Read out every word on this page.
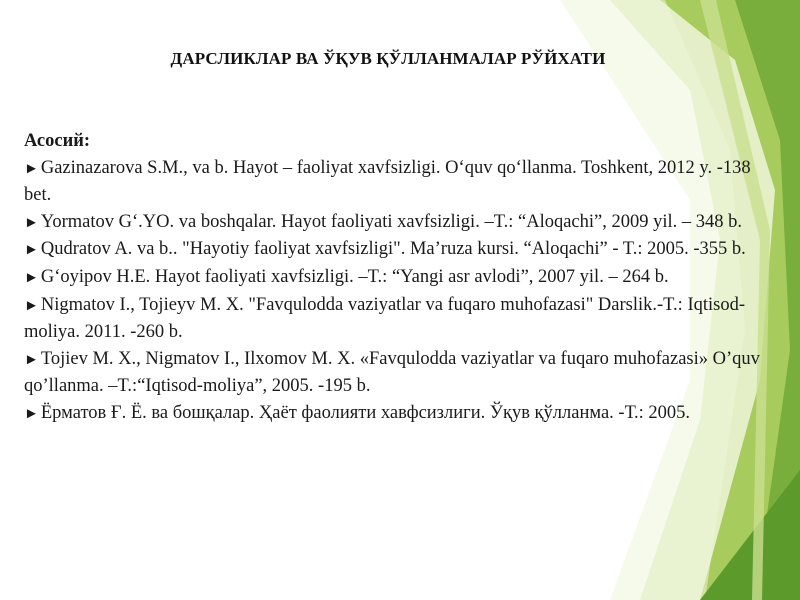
ДАРСЛИКЛАР ВА ЎҚУВ ҚЎЛЛАНМАЛАР РЎЙХАТИ
Асосий:
► Gazinazarova S.M., va b. Hayot – faoliyat xavfsizligi. O‘quv qo‘llanma. Toshkent, 2012 y. -138 bet.
► Yormatov G‘.YO. va boshqalar. Hayot faoliyati xavfsizligi. –T.: “Aloqachi”, 2009 yil. – 348 b.
► Qudratov A. va b.. "Hayotiy faoliyat xavfsizligi". Ma’ruza kursi. “Aloqachi” - T.: 2005. -355 b.
► G‘oyipov H.E. Hayot faoliyati xavfsizligi. –T.: “Yangi asr avlodi”, 2007 yil. – 264 b.
► Nigmatov I., Tojieyv M. X. "Favqulodda vaziyatlar va fuqaro muhofazasi" Darslik.-T.: Iqtisod-moliya. 2011. -260 b.
► Tojiev M. X., Nigmatov I., Ilxomov M. X. «Favqulodda vaziyatlar va fuqaro muhofazasi» O’quv qo’llanma. –T.:“Iqtisod-moliya”, 2005. -195 b.
► Ёрматов Ғ. Ё. ва бошқалар. Ҳаёт фаолияти хавфсизлиги. Ўқув қўлланма. -Т.: 2005.
